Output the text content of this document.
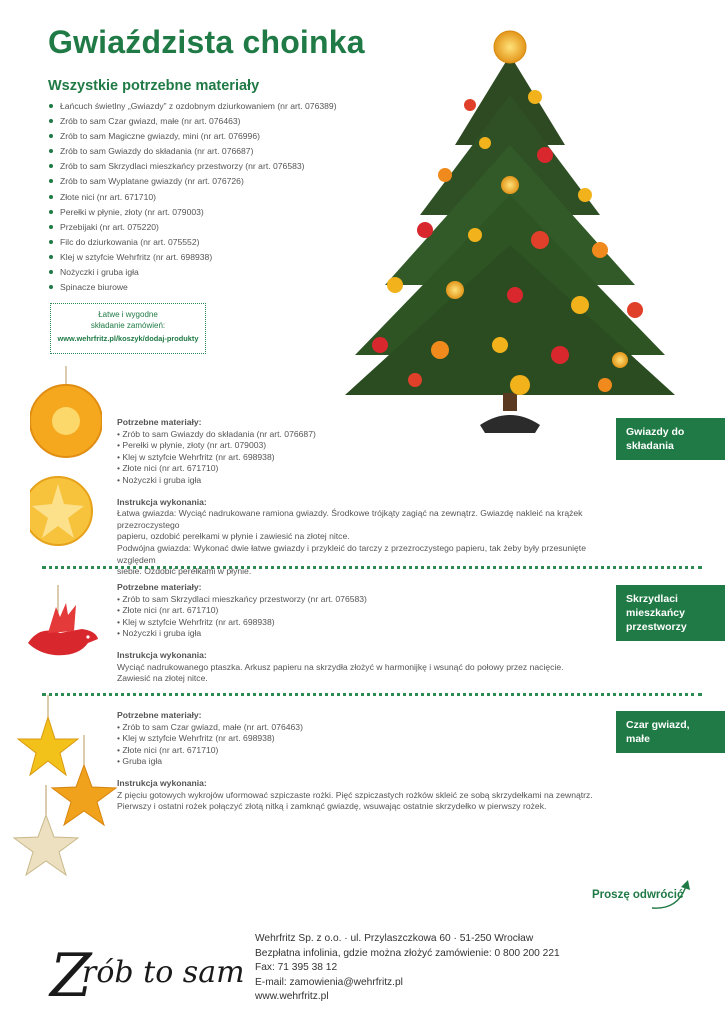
Gwiaździsta choinka
Wszystkie potrzebne materiały
Łańcuch świetlny „Gwiazdy” z ozdobnym dziurkowaniem (nr art. 076389)
Zrób to sam Czar gwiazd, małe (nr art. 076463)
Zrób to sam Magiczne gwiazdy, mini (nr art. 076996)
Zrób to sam Gwiazdy do składania (nr art. 076687)
Zrób to sam Skrzydlaci mieszkańcy przestworzy (nr art. 076583)
Zrób to sam Wyplatane gwiazdy (nr art. 076726)
Złote nici (nr art. 671710)
Perełki w płynie, złoty (nr art. 079003)
Przebijaki (nr art. 075220)
Filc do dziurkowania (nr art. 075552)
Klej w sztyfcie Wehrfritz (nr art. 698938)
Nożyczki i gruba igła
Spinacze biurowe
Łatwe i wygodne
składanie zamówień:
www.wehrfritz.pl/koszyk/dodaj-produkty
Potrzebne materiały:
• Zrób to sam Gwiazdy do składania (nr art. 076687)
• Perełki w płynie, złoty (nr art. 079003)
• Klej w sztyfcie Wehrfritz (nr art. 698938)
• Złote nici (nr art. 671710)
• Nożyczki i gruba igła
Instrukcja wykonania:

Łatwa gwiazda: Wyciąć nadrukowane ramiona gwiazdy. Środkowe trójkąty zagiąć na zewnątrz. Gwiazdę nakleić na krążek przezroczystego

papieru, ozdobić perełkami w płynie i zawiesić na złotej nitce.

Podwójna gwiazda: Wykonać dwie łatwe gwiazdy i przykleić do tarczy z przezroczystego papieru, tak żeby były przesunięte względem

siebie. Ozdobić perełkami w płynie.

Gwiazdy do składania
Potrzebne materiały:
• Zrób to sam Skrzydlaci mieszkańcy przestworzy (nr art. 076583)
• Złote nici (nr art. 671710)
• Klej w sztyfcie Wehrfritz (nr art. 698938)
• Nożyczki i gruba igła
Instrukcja wykonania:

Wyciąć nadrukowanego ptaszka. Arkusz papieru na skrzydła złożyć w harmonijkę i wsunąć do połowy przez nacięcie.

Zawiesić na złotej nitce.

Skrzydlaci mieszkańcy przestworzy
Potrzebne materiały:
• Zrób to sam Czar gwiazd, małe (nr art. 076463)
• Klej w sztyfcie Wehrfritz (nr art. 698938)
• Złote nici (nr art. 671710)
• Gruba igła
Instrukcja wykonania:

Z pięciu gotowych wykrojów uformować szpiczaste rożki. Pięć szpiczastych rożków skleić ze sobą skrzydełkami na zewnątrz.

Pierwszy i ostatni rożek połączyć złotą nitką i zamknąć gwiazdę, wsuwając ostatnie skrzydełko w pierwszy rożek.

Czar gwiazd, małe
Proszę odwrócić
Z
rób to sam
Wehrfritz Sp. z o.o. · ul. Przylaszczkowa 60 · 51-250 Wrocław
Bezpłatna infolinia, gdzie można złożyć zamówienie: 0 800 200 221
Fax: 71 395 38 12
E-mail: zamowienia@wehrfritz.pl
www.wehrfritz.pl
